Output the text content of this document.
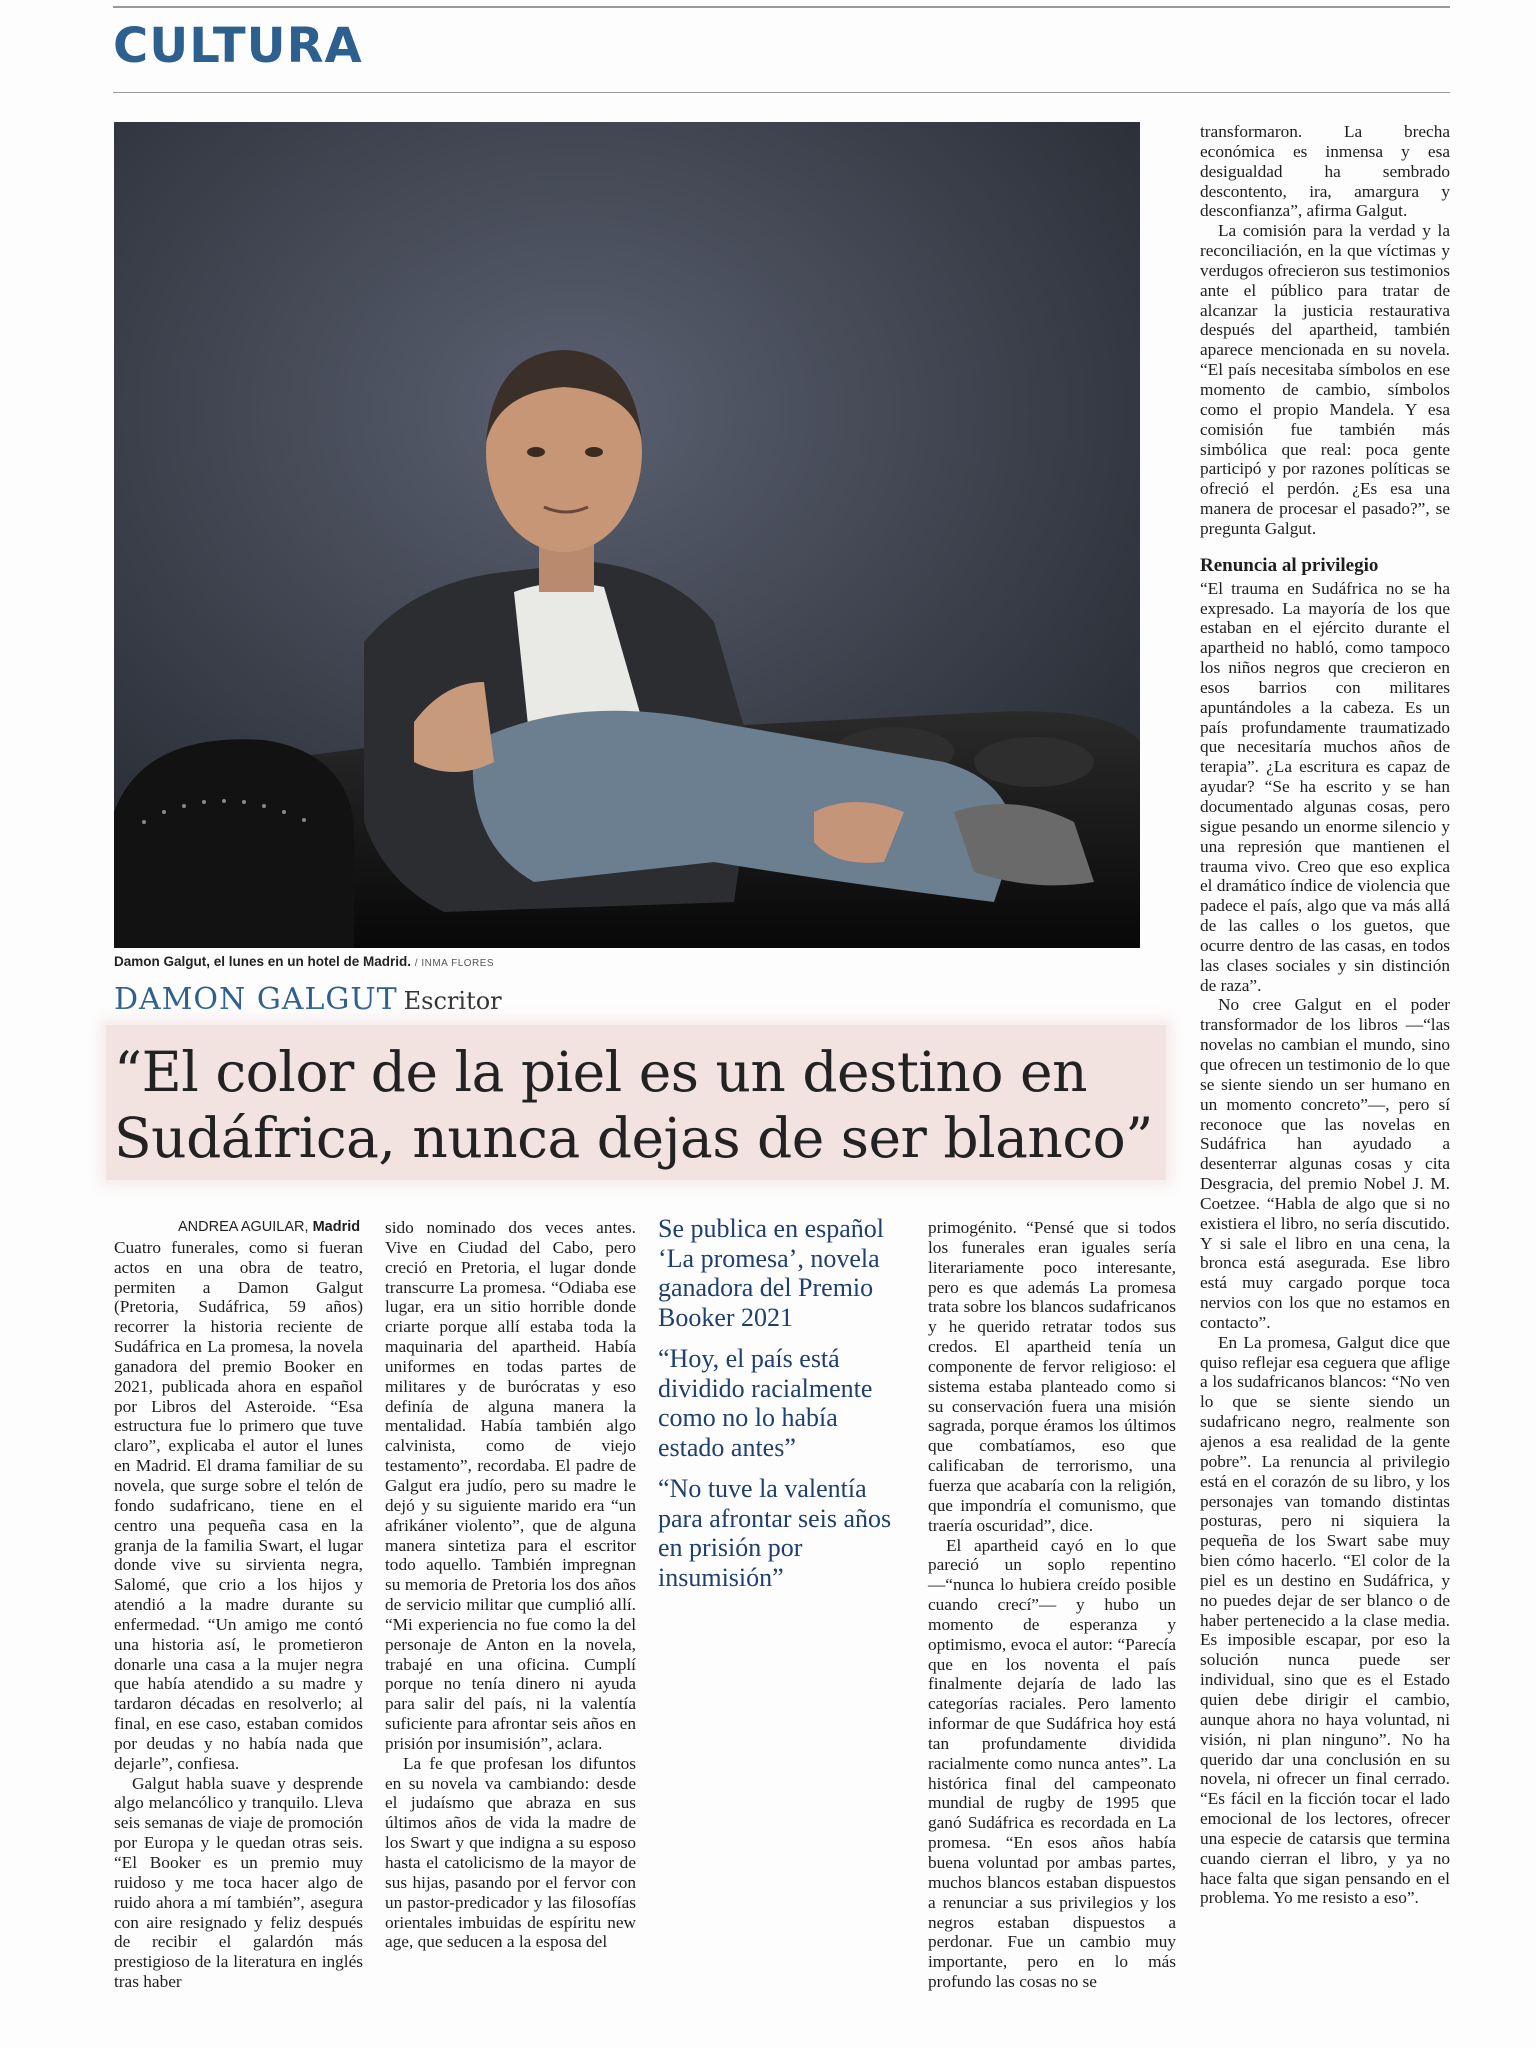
CULTURA
Damon Galgut, el lunes en un hotel de Madrid. / INMA FLORES
DAMON GALGUT Escritor
“El color de la piel es un destino en
Sudáfrica, nunca dejas de ser blanco”

ANDREA AGUILAR, Madrid

Cuatro funerales, como si fueran actos en una obra de teatro, permiten a Damon Galgut (Pretoria, Sudáfrica, 59 años) recorrer la historia reciente de Sudáfrica en La promesa, la novela ganadora del premio Booker en 2021, publicada ahora en español por Libros del Asteroide. “Esa estructura fue lo primero que tuve claro”, explicaba el autor el lunes en Madrid. El drama familiar de su novela, que surge sobre el telón de fondo sudafricano, tiene en el centro una pequeña casa en la granja de la familia Swart, el lugar donde vive su sirvienta negra, Salomé, que crio a los hijos y atendió a la madre durante su enfermedad. “Un amigo me contó una historia así, le prometieron donarle una casa a la mujer negra que había atendido a su madre y tardaron décadas en resolverlo; al final, en ese caso, estaban comidos por deudas y no había nada que dejarle”, confiesa.

Galgut habla suave y desprende algo melancólico y tranquilo. Lleva seis semanas de viaje de promoción por Europa y le quedan otras seis. “El Booker es un premio muy ruidoso y me toca hacer algo de ruido ahora a mí también”, asegura con aire resignado y feliz después de recibir el galardón más prestigioso de la literatura en inglés tras haber

sido nominado dos veces antes. Vive en Ciudad del Cabo, pero creció en Pretoria, el lugar donde transcurre La promesa. “Odiaba ese lugar, era un sitio horrible donde criarte porque allí estaba toda la maquinaria del apartheid. Había uniformes en todas partes de militares y de burócratas y eso definía de alguna manera la mentalidad. Había también algo calvinista, como de viejo testamento”, recordaba. El padre de Galgut era judío, pero su madre le dejó y su siguiente marido era “un afrikáner violento”, que de alguna manera sintetiza para el escritor todo aquello. También impregnan su memoria de Pretoria los dos años de servicio militar que cumplió allí. “Mi experiencia no fue como la del personaje de Anton en la novela, trabajé en una oficina. Cumplí porque no tenía dinero ni ayuda para salir del país, ni la valentía suficiente para afrontar seis años en prisión por insumisión”, aclara.

La fe que profesan los difuntos en su novela va cambiando: desde el judaísmo que abraza en sus últimos años de vida la madre de los Swart y que indigna a su esposo hasta el catolicismo de la mayor de sus hijas, pasando por el fervor con un pastor-predicador y las filosofías orientales imbuidas de espíritu new age, que seducen a la esposa del

Se publica en español ‘La promesa’, novela ganadora del Premio Booker 2021

“Hoy, el país está dividido racialmente como no lo había estado antes”

“No tuve la valentía para afrontar seis años en prisión por insumisión”

primogénito. “Pensé que si todos los funerales eran iguales sería literariamente poco interesante, pero es que además La promesa trata sobre los blancos sudafricanos y he querido retratar todos sus credos. El apartheid tenía un componente de fervor religioso: el sistema estaba planteado como si su conservación fuera una misión sagrada, porque éramos los últimos que combatíamos, eso que calificaban de terrorismo, una fuerza que acabaría con la religión, que impondría el comunismo, que traería oscuridad”, dice.

El apartheid cayó en lo que pareció un soplo repentino —“nunca lo hubiera creído posible cuando crecí”— y hubo un momento de esperanza y optimismo, evoca el autor: “Parecía que en los noventa el país finalmente dejaría de lado las categorías raciales. Pero lamento informar de que Sudáfrica hoy está tan profundamente dividida racialmente como nunca antes”. La histórica final del campeonato mundial de rugby de 1995 que ganó Sudáfrica es recordada en La promesa. “En esos años había buena voluntad por ambas partes, muchos blancos estaban dispuestos a renunciar a sus privilegios y los negros estaban dispuestos a perdonar. Fue un cambio muy importante, pero en lo más profundo las cosas no se

transformaron. La brecha económica es inmensa y esa desigualdad ha sembrado descontento, ira, amargura y desconfianza”, afirma Galgut.

La comisión para la verdad y la reconciliación, en la que víctimas y verdugos ofrecieron sus testimonios ante el público para tratar de alcanzar la justicia restaurativa después del apartheid, también aparece mencionada en su novela. “El país necesitaba símbolos en ese momento de cambio, símbolos como el propio Mandela. Y esa comisión fue también más simbólica que real: poca gente participó y por razones políticas se ofreció el perdón. ¿Es esa una manera de procesar el pasado?”, se pregunta Galgut.

Renuncia al privilegio

“El trauma en Sudáfrica no se ha expresado. La mayoría de los que estaban en el ejército durante el apartheid no habló, como tampoco los niños negros que crecieron en esos barrios con militares apuntándoles a la cabeza. Es un país profundamente traumatizado que necesitaría muchos años de terapia”. ¿La escritura es capaz de ayudar? “Se ha escrito y se han documentado algunas cosas, pero sigue pesando un enorme silencio y una represión que mantienen el trauma vivo. Creo que eso explica el dramático índice de violencia que padece el país, algo que va más allá de las calles o los guetos, que ocurre dentro de las casas, en todos las clases sociales y sin distinción de raza”.

No cree Galgut en el poder transformador de los libros —“las novelas no cambian el mundo, sino que ofrecen un testimonio de lo que se siente siendo un ser humano en un momento concreto”—, pero sí reconoce que las novelas en Sudáfrica han ayudado a desenterrar algunas cosas y cita Desgracia, del premio Nobel J. M. Coetzee. “Habla de algo que si no existiera el libro, no sería discutido. Y si sale el libro en una cena, la bronca está asegurada. Ese libro está muy cargado porque toca nervios con los que no estamos en contacto”.

En La promesa, Galgut dice que quiso reflejar esa ceguera que aflige a los sudafricanos blancos: “No ven lo que se siente siendo un sudafricano negro, realmente son ajenos a esa realidad de la gente pobre”. La renuncia al privilegio está en el corazón de su libro, y los personajes van tomando distintas posturas, pero ni siquiera la pequeña de los Swart sabe muy bien cómo hacerlo. “El color de la piel es un destino en Sudáfrica, y no puedes dejar de ser blanco o de haber pertenecido a la clase media. Es imposible escapar, por eso la solución nunca puede ser individual, sino que es el Estado quien debe dirigir el cambio, aunque ahora no haya voluntad, ni visión, ni plan ninguno”. No ha querido dar una conclusión en su novela, ni ofrecer un final cerrado. “Es fácil en la ficción tocar el lado emocional de los lectores, ofrecer una especie de catarsis que termina cuando cierran el libro, y ya no hace falta que sigan pensando en el problema. Yo me resisto a eso”.
